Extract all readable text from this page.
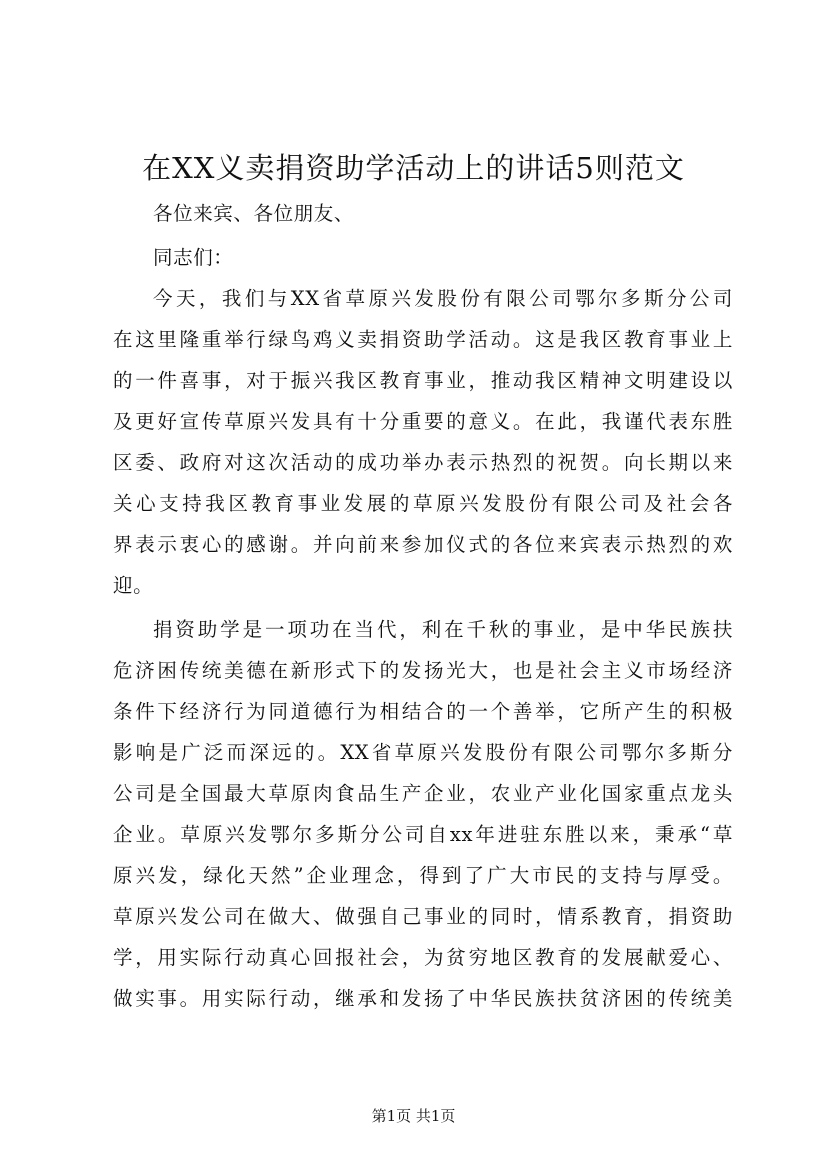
在XX义卖捐资助学活动上的讲话5则范文
各位来宾、各位朋友、
同志们：
今天，我们与XX省草原兴发股份有限公司鄂尔多斯分公司
在这里隆重举行绿鸟鸡义卖捐资助学活动。这是我区教育事业上
的一件喜事，对于振兴我区教育事业，推动我区精神文明建设以
及更好宣传草原兴发具有十分重要的意义。在此，我谨代表东胜
区委、政府对这次活动的成功举办表示热烈的祝贺。向长期以来
关心支持我区教育事业发展的草原兴发股份有限公司及社会各
界表示衷心的感谢。并向前来参加仪式的各位来宾表示热烈的欢
迎。
捐资助学是一项功在当代，利在千秋的事业，是中华民族扶
危济困传统美德在新形式下的发扬光大，也是社会主义市场经济
条件下经济行为同道德行为相结合的一个善举，它所产生的积极
影响是广泛而深远的。XX省草原兴发股份有限公司鄂尔多斯分
公司是全国最大草原肉食品生产企业，农业产业化国家重点龙头
企业。草原兴发鄂尔多斯分公司自xx年进驻东胜以来，秉承“草
原兴发，绿化天然”企业理念，得到了广大市民的支持与厚受。
草原兴发公司在做大、做强自己事业的同时，情系教育，捐资助
学，用实际行动真心回报社会，为贫穷地区教育的发展献爱心、
做实事。用实际行动，继承和发扬了中华民族扶贫济困的传统美
第1页 共1页
